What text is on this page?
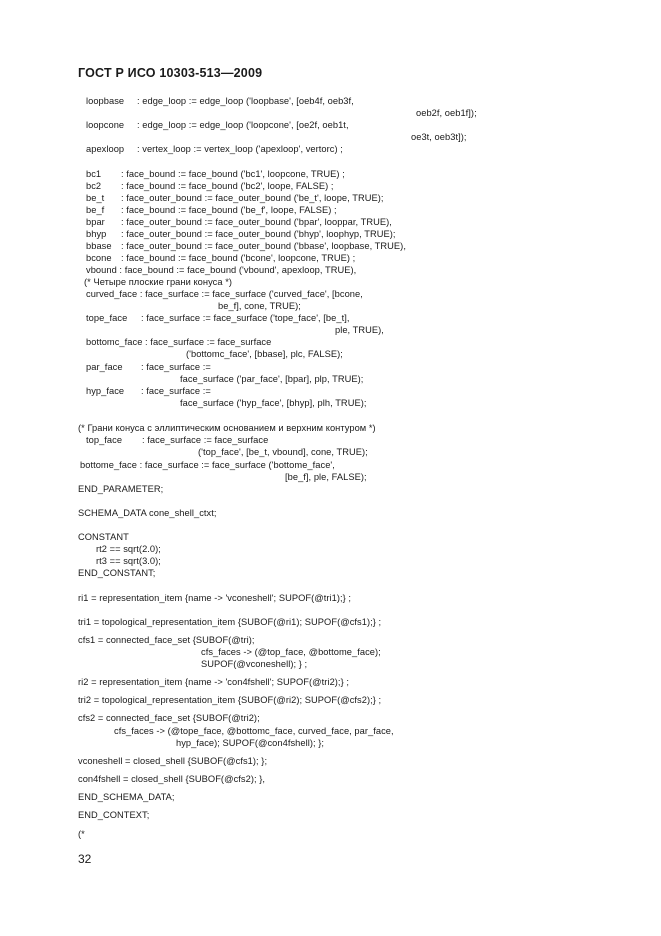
ГОСТ Р ИСО 10303-513—2009
loopbase : edge_loop := edge_loop ('loopbase', [oeb4f, oeb3f,
oeb2f, oeb1f]);
loopcone : edge_loop := edge_loop ('loopcone', [oe2f, oeb1t,
oe3t, oeb3t]);
apexloop : vertex_loop := vertex_loop ('apexloop', vertorc) ;
bc1 : face_bound := face_bound ('bc1', loopcone, TRUE) ;
bc2 : face_bound := face_bound ('bc2', loope, FALSE) ;
be_t : face_outer_bound := face_outer_bound ('be_t', loope, TRUE);
be_f : face_bound := face_bound ('be_f', loope, FALSE) ;
bpar : face_outer_bound := face_outer_bound ('bpar', looppar, TRUE),
bhyp : face_outer_bound := face_outer_bound ('bhyp', loophyp, TRUE);
bbase : face_outer_bound := face_outer_bound ('bbase', loopbase, TRUE),
bcone : face_bound := face_bound ('bcone', loopcone, TRUE) ;
vbound : face_bound := face_bound ('vbound', apexloop, TRUE),
(* Четыре плоские грани конуса *)
curved_face : face_surface := face_surface ('curved_face', [bcone,
be_f], cone, TRUE);
tope_face : face_surface := face_surface ('tope_face', [be_t],
ple, TRUE),
bottomc_face : face_surface := face_surface
('bottomc_face', [bbase], plc, FALSE);
par_face : face_surface :=
face_surface ('par_face', [bpar], plp, TRUE);
hyp_face : face_surface :=
face_surface ('hyp_face', [bhyp], plh, TRUE);
(* Грани конуса с эллиптическим основанием и верхним контуром *)
top_face : face_surface := face_surface
('top_face', [be_t, vbound], cone, TRUE);
bottome_face : face_surface := face_surface ('bottome_face',
[be_f], ple, FALSE);
END_PARAMETER;
SCHEMA_DATA cone_shell_ctxt;
CONSTANT
rt2 == sqrt(2.0);
rt3 == sqrt(3.0);
END_CONSTANT;
ri1 = representation_item {name -> 'vconeshell'; SUPOF(@tri1);} ;
tri1 = topological_representation_item {SUBOF(@ri1); SUPOF(@cfs1);} ;
cfs1 = connected_face_set {SUBOF(@tri);
cfs_faces -> (@top_face, @bottome_face);
SUPOF(@vconeshell); } ;
ri2 = representation_item {name -> 'con4fshell'; SUPOF(@tri2);} ;
tri2 = topological_representation_item {SUBOF(@ri2); SUPOF(@cfs2);} ;
cfs2 = connected_face_set {SUBOF(@tri2);
cfs_faces -> (@tope_face, @bottomc_face, curved_face, par_face,
hyp_face); SUPOF(@con4fshell); };
vconeshell = closed_shell {SUBOF(@cfs1); };
con4fshell = closed_shell {SUBOF(@cfs2); },
END_SCHEMA_DATA;
END_CONTEXT;
(*
32
